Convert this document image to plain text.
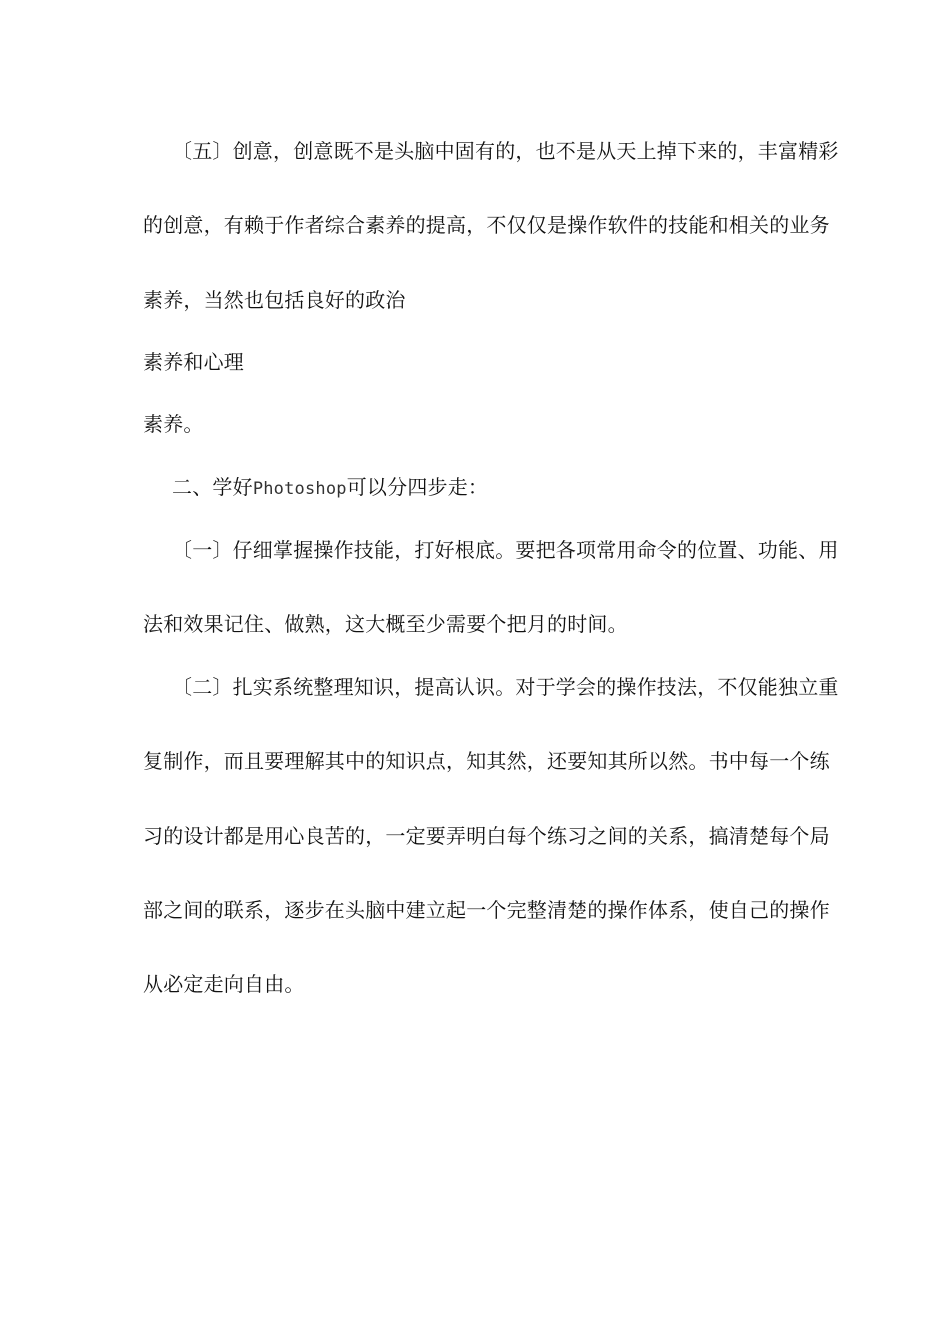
〔五〕创意，创意既不是头脑中固有的，也不是从天上掉下来的，丰富精彩
的创意，有赖于作者综合素养的提高，不仅仅是操作软件的技能和相关的业务
素养，当然也包括良好的政治
素养和心理
素养。
二、学好Photoshop可以分四步走：
〔一〕仔细掌握操作技能，打好根底。要把各项常用命令的位置、功能、用
法和效果记住、做熟，这大概至少需要个把月的时间。
〔二〕扎实系统整理知识，提高认识。对于学会的操作技法，不仅能独立重
复制作，而且要理解其中的知识点，知其然，还要知其所以然。书中每一个练
习的设计都是用心良苦的，一定要弄明白每个练习之间的关系，搞清楚每个局
部之间的联系，逐步在头脑中建立起一个完整清楚的操作体系，使自己的操作
从必定走向自由。
